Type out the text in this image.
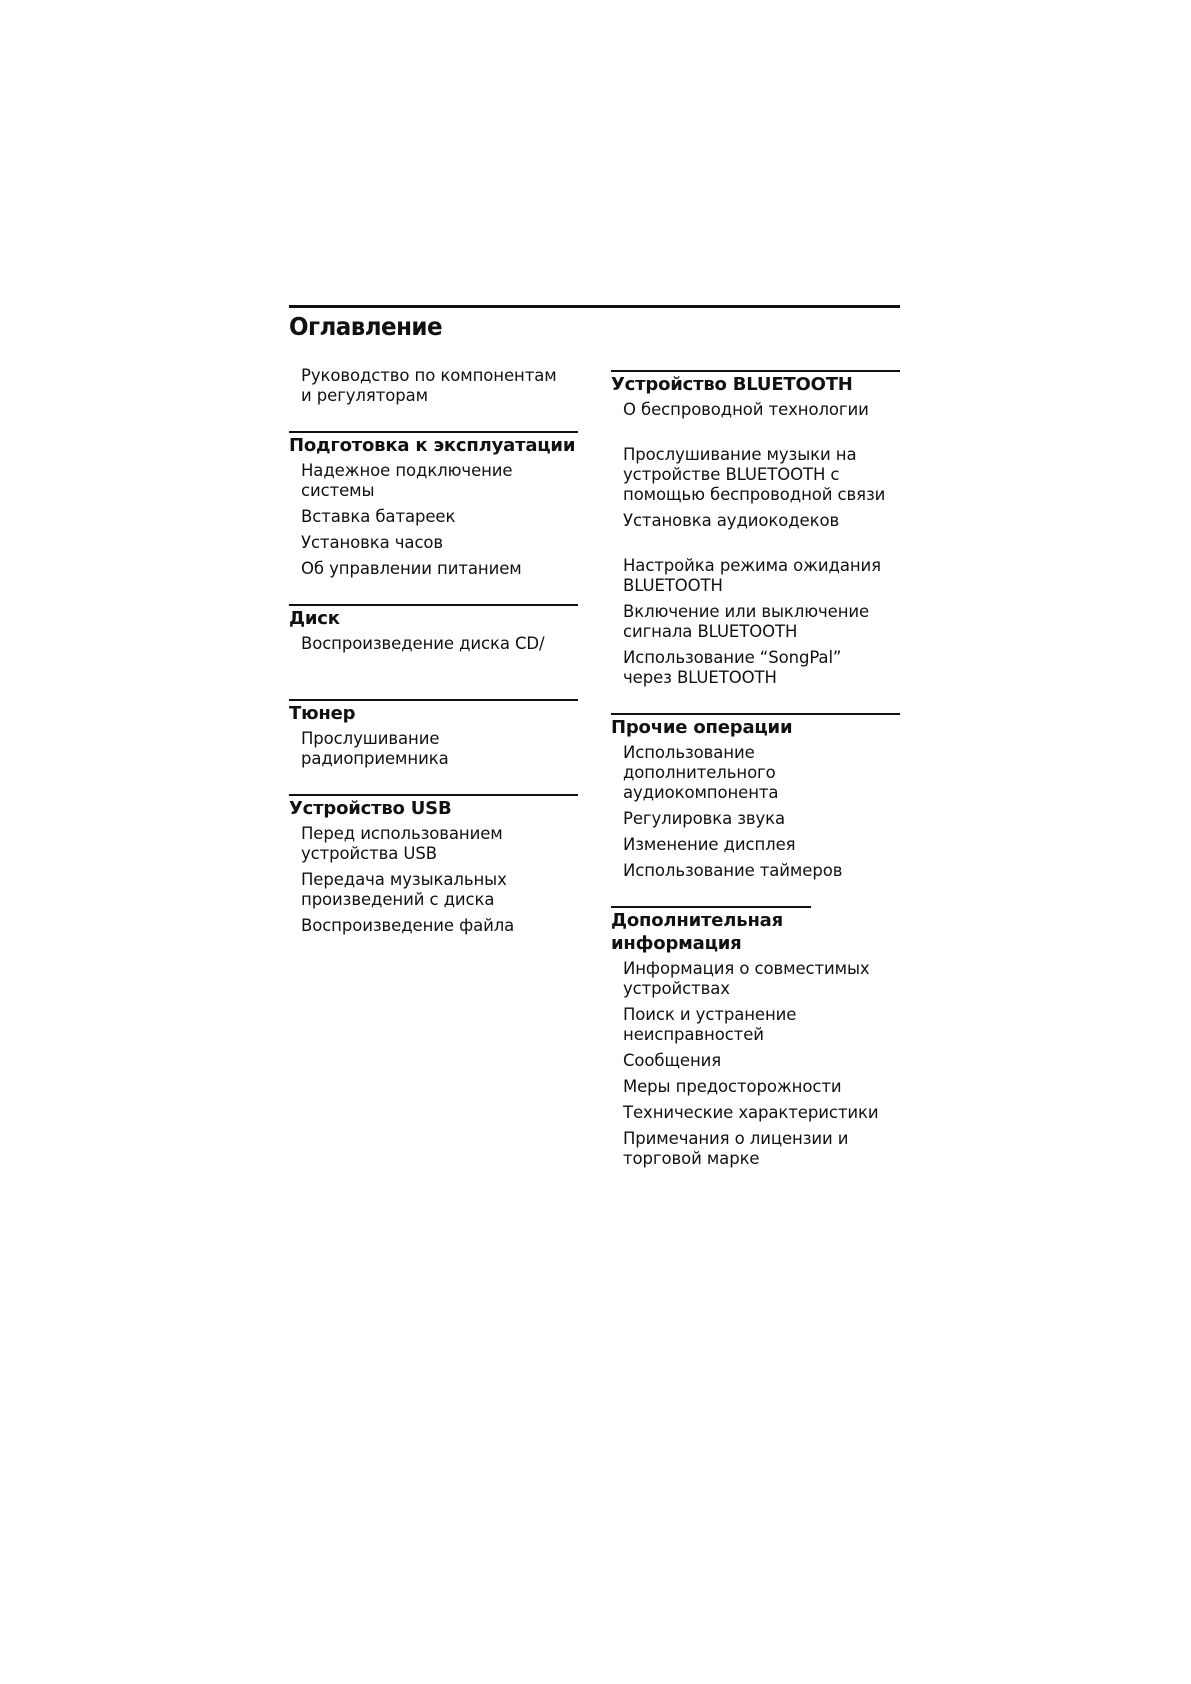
Оглавление

Руководство по компонентам и регуляторам

Подготовка к эксплуатации

Надежное подключение системы

Вставка батареек

Установка часов

Об управлении питанием

Диск

Воспроизведение диска CD/

Тюнер

Прослушивание радиоприемника

Устройство USB

Перед использованием устройства USB

Передача музыкальных произведений с диска

Воспроизведение файла

Устройство BLUETOOTH

О беспроводной технологии

Прослушивание музыки на устройстве BLUETOOTH с помощью беспроводной связи

Установка аудиокодеков

Настройка режима ожидания BLUETOOTH

Включение или выключение сигнала BLUETOOTH

Использование “SongPal” через BLUETOOTH

Прочие операции

Использование дополнительного аудиокомпонента

Регулировка звука

Изменение дисплея

Использование таймеров

Дополнительная информация

Информация о совместимых устройствах

Поиск и устранение неисправностей

Сообщения

Меры предосторожности

Технические характеристики

Примечания о лицензии и торговой марке
